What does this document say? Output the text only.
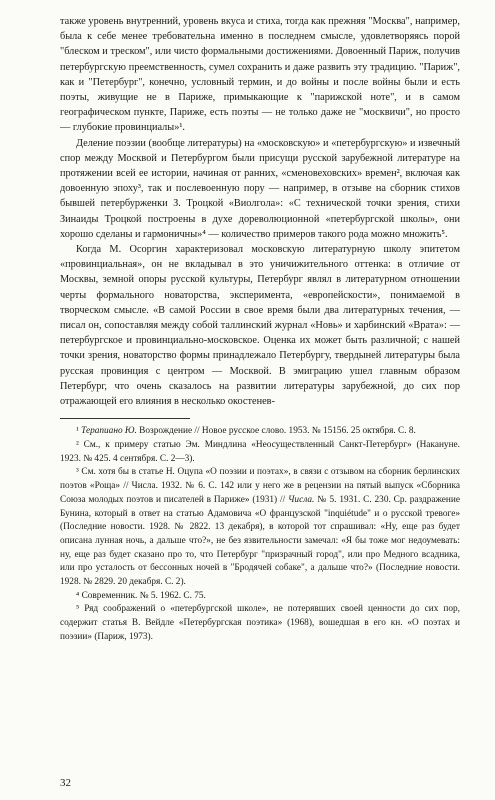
также уровень внутренний, уровень вкуса и стиха, тогда как прежняя "Москва", например, была к себе менее требовательна именно в последнем смысле, удовлетворяясь порой "блеском и треском", или чисто формальными достижениями. Довоенный Париж, получив петербургскую преемственность, сумел сохранить и даже развить эту традицию. "Париж", как и "Петербург", конечно, условный термин, и до войны и после войны были и есть поэты, живущие не в Париже, примыкающие к "парижской ноте", и в самом географическом пункте, Париже, есть поэты — не только даже не "москвичи", но просто — глубокие провинциалы»¹.

Деление поэзии (вообще литературы) на «московскую» и «петербургскую» и извечный спор между Москвой и Петербургом были присущи русской зарубежной литературе на протяжении всей ее истории, начиная от ранних, «сменовеховских» времен², включая как довоенную эпоху³, так и послевоенную пору — например, в отзыве на сборник стихов бывшей петербурженки З. Троцкой «Виолгола»: «С технической точки зрения, стихи Зинаиды Троцкой построены в духе дореволюционной «петербургской школы», они хорошо сделаны и гармоничны»⁴ — количество примеров такого рода можно множить⁵.

Когда М. Осоргин характеризовал московскую литературную школу эпитетом «провинциальная», он не вкладывал в это уничижительного оттенка: в отличие от Москвы, земной опоры русской культуры, Петербург являл в литературном отношении черты формального новаторства, эксперимента, «европейскости», понимаемой в творческом смысле. «В самой России в свое время были два литературных течения, — писал он, сопоставляя между собой таллинский журнал «Новь» и харбинский «Врата»: — петербургское и провинциально-московское. Оценка их может быть различной; с нашей точки зрения, новаторство формы принадлежало Петербургу, твердыней литературы была русская провинция с центром — Москвой. В эмиграцию ушел главным образом Петербург, что очень сказалось на развитии литературы зарубежной, до сих пор отражающей его влияния в несколько окостенев-

¹ Терапиано Ю. Возрождение // Новое русское слово. 1953. № 15156. 25 октября. С. 8.

² См., к примеру статью Эм. Миндлина «Неосуществленный Санкт-Петербург» (Накануне. 1923. № 425. 4 сентября. С. 2—3).

³ См. хотя бы в статье Н. Оцупа «О поэзии и поэтах», в связи с отзывом на сборник берлинских поэтов «Роща» // Числа. 1932. № 6. С. 142 или у него же в рецензии на пятый выпуск «Сборника Союза молодых поэтов и писателей в Париже» (1931) // Числа. № 5. 1931. С. 230. Ср. раздражение Бунина, который в ответ на статью Адамовича «О французской "inquiétude" и о русской тревоге» (Последние новости. 1928. № 2822. 13 декабря), в которой тот спрашивал: «Ну, еще раз будет описана лунная ночь, а дальше что?», не без язвительности замечал: «Я бы тоже мог недоумевать: ну, еще раз будет сказано про то, что Петербург "призрачный город", или про Медного всадника, или про усталость от бессонных ночей в "Бродячей собаке", а дальше что?» (Последние новости. 1928. № 2829. 20 декабря. С. 2).

⁴ Современник. № 5. 1962. С. 75.

⁵ Ряд соображений о «петербургской школе», не потерявших своей ценности до сих пор, содержит статья В. Вейдле «Петербургская поэтика» (1968), вошедшая в его кн. «О поэтах и поэзии» (Париж, 1973).

32
